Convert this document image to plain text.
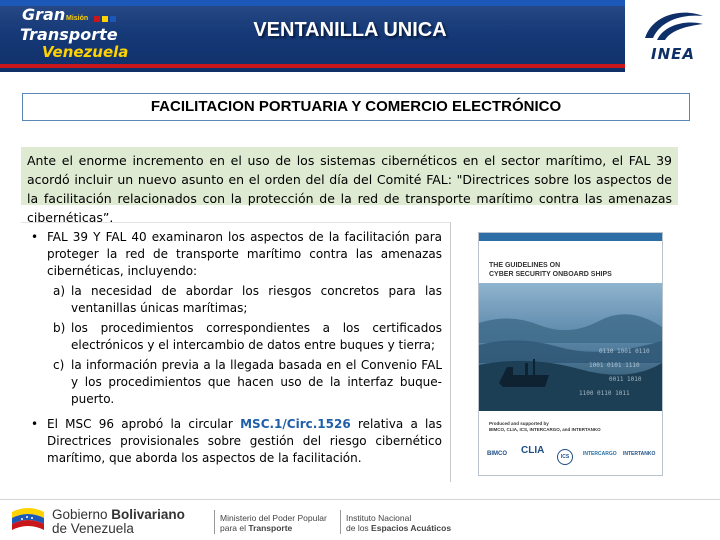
Gran Misión
Transporte
Venezuela
VENTANILLA UNICA
INEA
FACILITACION PORTUARIA Y COMERCIO ELECTRÓNICO
Ante el enorme incremento en el uso de los sistemas cibernéticos en el sector marítimo, el FAL 39 acordó incluir un nuevo asunto en el orden del día del Comité FAL: "Directrices sobre los aspectos de la facilitación relacionados con la protección de la red de transporte marítimo contra las amenazas cibernéticas”.
• FAL 39 Y FAL 40 examinaron los aspectos de la facilitación para proteger la red de transporte marítimo contra las amenazas cibernéticas, incluyendo:
a) la necesidad de abordar los riesgos concretos para las ventanillas únicas marítimas;
b) los procedimientos correspondientes a los certificados electrónicos y el intercambio de datos entre buques y tierra;
c) la información previa a la llegada basada en el Convenio FAL y los procedimientos que hacen uso de la interfaz buque-puerto.
• El MSC 96 aprobó la circular MSC.1/Circ.1526 relativa a las Directrices provisionales sobre gestión del riesgo cibernético marítimo, que aborda los aspectos de la facilitación.
THE GUIDELINES ON
CYBER SECURITY ONBOARD SHIPS
0110 1001 0110
1001 0101 1110
0011 1010
1100 0110 1011
Produced and supported by
BIMCO, CLIA, ICS, INTERCARGO, and INTERTANKO
BIMCO CLIA
ICS	INTERCARGO INTERTANKO
Gobierno Bolivariano
de Venezuela
Ministerio del Poder Popular
para el Transporte
Instituto Nacional
de los Espacios Acuáticos
